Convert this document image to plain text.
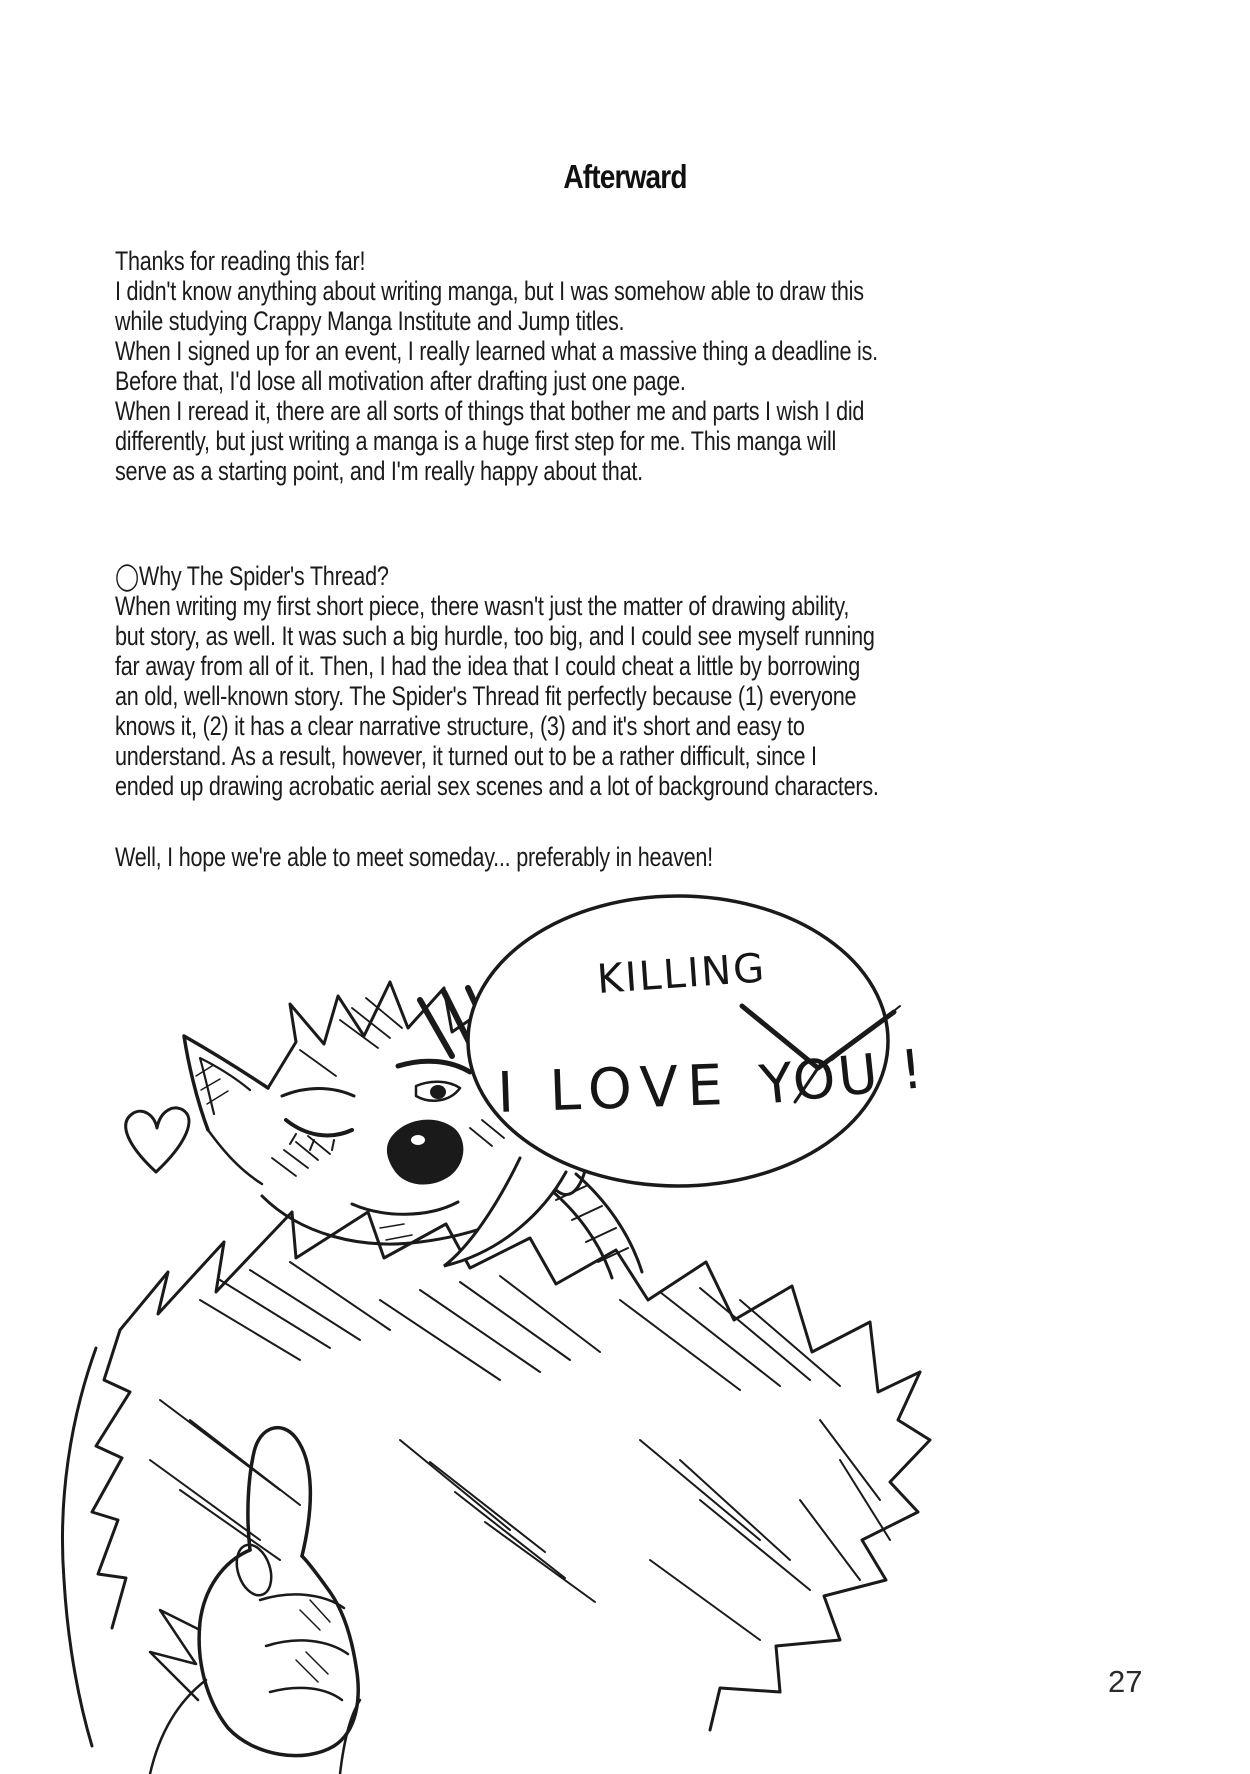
Afterward
Thanks for reading this far!
I didn't know anything about writing manga, but I was somehow able to draw this
while studying Crappy Manga Institute and Jump titles.
When I signed up for an event, I really learned what a massive thing a deadline is.
Before that, I'd lose all motivation after drafting just one page.
When I reread it, there are all sorts of things that bother me and parts I wish I did
differently, but just writing a manga is a huge first step for me. This manga will
serve as a starting point, and I'm really happy about that.
◯Why The Spider's Thread?
When writing my first short piece, there wasn't just the matter of drawing ability,
but story, as well. It was such a big hurdle, too big, and I could see myself running
far away from all of it. Then, I had the idea that I could cheat a little by borrowing
an old, well-known story. The Spider's Thread fit perfectly because (1) everyone
knows it, (2) it has a clear narrative structure, (3) and it's short and easy to
understand. As a result, however, it turned out to be a rather difficult, since I
ended up drawing acrobatic aerial sex scenes and a lot of background characters.
Well, I hope we're able to meet someday... preferably in heaven!
KILLING
I LOVE YOU !
27
